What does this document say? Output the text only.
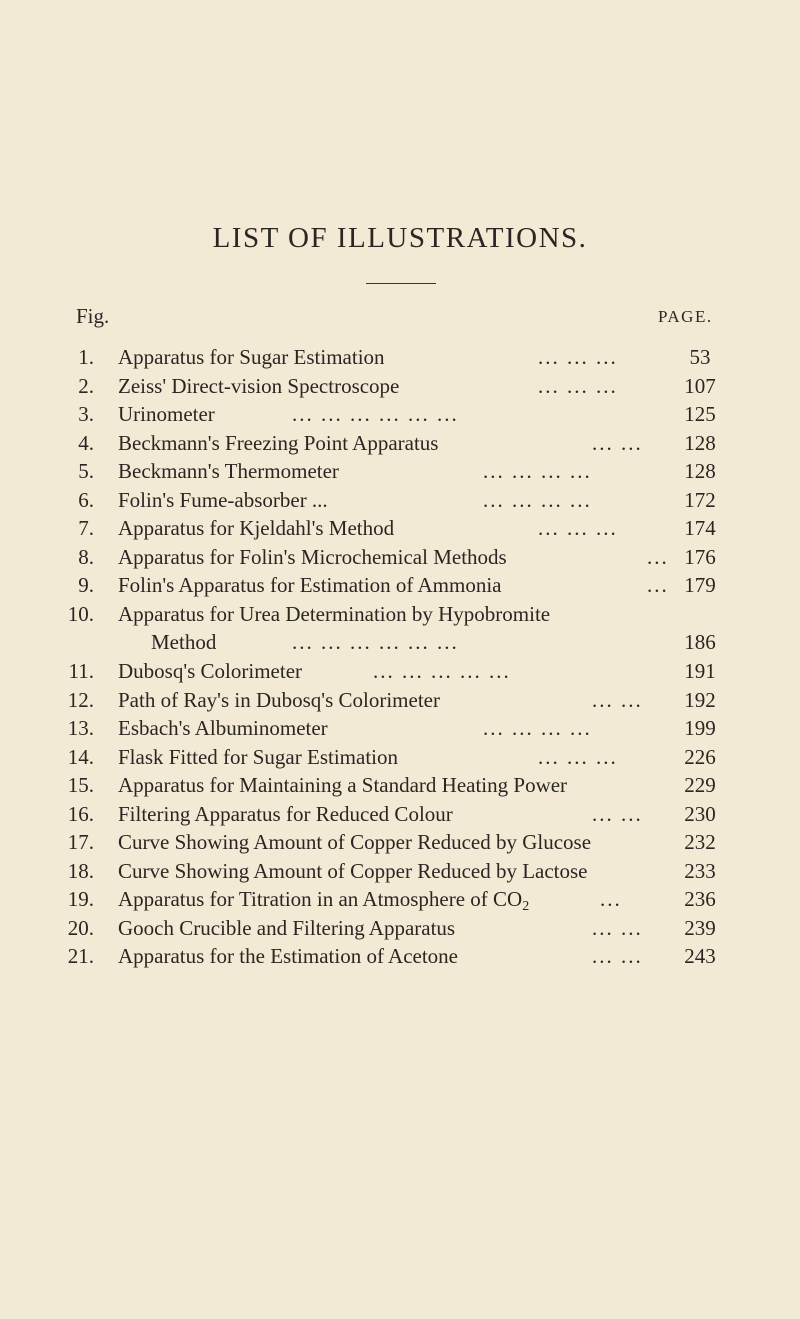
LIST OF ILLUSTRATIONS.
Fig.	PAGE.
1. Apparatus for Sugar Estimation	... ... ...	53
2. Zeiss' Direct-vision Spectroscope	... ... ...	107
3. Urinometer	... ... ... ... ... ...	125
4. Beckmann's Freezing Point Apparatus	... ...	128
5. Beckmann's Thermometer	... ... ... ...	128
6. Folin's Fume-absorber ...	... ... ... ...	172
7. Apparatus for Kjeldahl's Method	... ... ...	174
8. Apparatus for Folin's Microchemical Methods	... 176
9. Folin's Apparatus for Estimation of Ammonia	... 179
10. Apparatus for Urea Determination by Hypobromite
Method	... ... ... ... ... ...	186
11. Dubosq's Colorimeter	... ... ... ... ...	191
12. Path of Ray's in Dubosq's Colorimeter	... ...	192
13. Esbach's Albuminometer	... ... ... ...	199
14. Flask Fitted for Sugar Estimation	... ... ...	226
15. Apparatus for Maintaining a Standard Heating Power	229
16. Filtering Apparatus for Reduced Colour	... ...	230
17. Curve Showing Amount of Copper Reduced by Glucose	232
18. Curve Showing Amount of Copper Reduced by Lactose	233
19. Apparatus for Titration in an Atmosphere of $CO_2$	...	236
20. Gooch Crucible and Filtering Apparatus	... ...	239
21. Apparatus for the Estimation of Acetone	... ...	243
